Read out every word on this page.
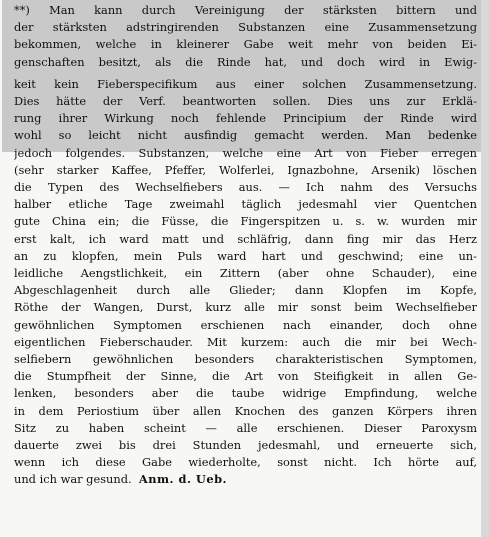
**) Man kann durch Vereinigung der stärksten bittern und
der stärksten adstringirenden Substanzen eine Zusammensetzung
bekommen, welche in kleinerer Gabe weit mehr von beiden Ei-
genschaften besitzt, als die Rinde hat, und doch wird in Ewig-
keit kein Fieberspecifikum aus einer solchen Zusammensetzung.
Dies hätte der Verf. beantworten sollen. Dies uns zur Erklä-
rung ihrer Wirkung noch fehlende Principium der Rinde wird
wohl so leicht nicht ausfindig gemacht werden. Man bedenke
jedoch folgendes. Substanzen, welche eine Art von Fieber erregen
(sehr starker Kaffee, Pfeffer, Wolferlei, Ignazbohne, Arsenik) löschen
die Typen des Wechselfiebers aus. — Ich nahm des Versuchs
halber etliche Tage zweimahl täglich jedesmahl vier Quentchen
gute China ein; die Füsse, die Fingerspitzen u. s. w. wurden mir
erst kalt, ich ward matt und schläfrig, dann fing mir das Herz
an zu klopfen, mein Puls ward hart und geschwind; eine un-
leidliche Aengstlichkeit, ein Zittern (aber ohne Schauder), eine
Abgeschlagenheit durch alle Glieder; dann Klopfen im Kopfe,
Röthe der Wangen, Durst, kurz alle mir sonst beim Wechselfieber
gewöhnlichen Symptomen erschienen nach einander, doch ohne
eigentlichen Fieberschauder. Mit kurzem: auch die mir bei Wech-
selfiebern gewöhnlichen besonders charakteristischen Symptomen,
die Stumpfheit der Sinne, die Art von Steifigkeit in allen Ge-
lenken, besonders aber die taube widrige Empfindung, welche
in dem Periostium über allen Knochen des ganzen Körpers ihren
Sitz zu haben scheint — alle erschienen. Dieser Paroxysm
dauerte zwei bis drei Stunden jedesmahl, und erneuerte sich,
wenn ich diese Gabe wiederholte, sonst nicht. Ich hörte auf,
und ich war gesund. Anm. d. Ueb.
